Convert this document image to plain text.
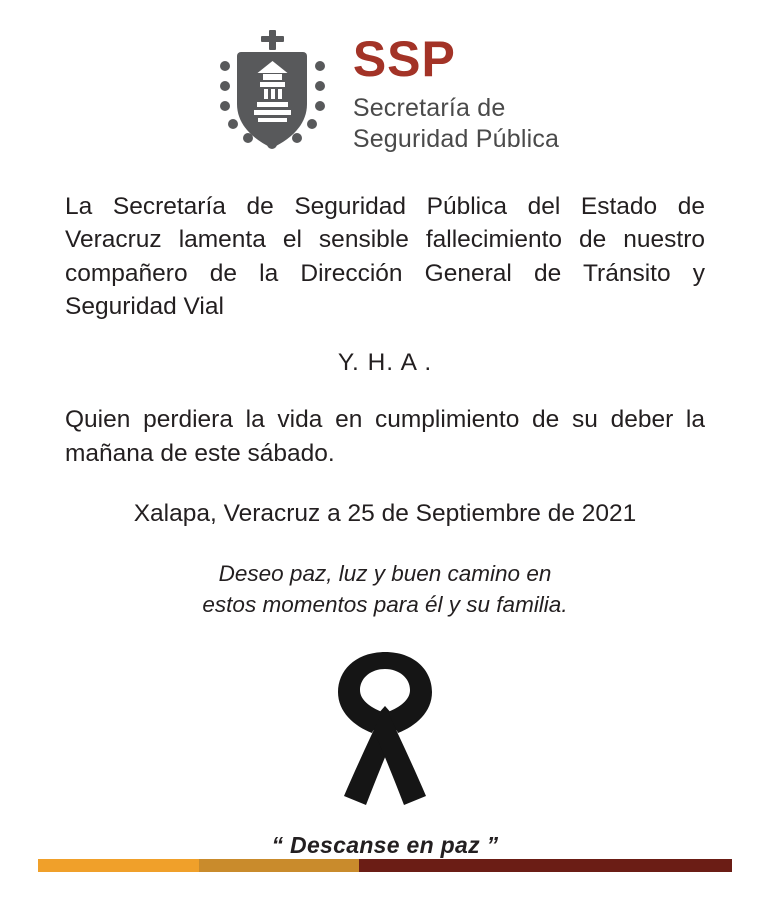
SSP
Secretaría de
Seguridad Pública

La Secretaría de Seguridad Pública del Estado de Veracruz lamenta el sensible fallecimiento de nuestro compañero de la Dirección General de Tránsito y Seguridad Vial

Y. H. A .

Quien perdiera la vida en cumplimiento de su deber la mañana de este sábado.

Xalapa, Veracruz a 25 de Septiembre de 2021

Deseo paz, luz y buen camino en
estos momentos para él y su familia.
“ Descanse en paz ”
